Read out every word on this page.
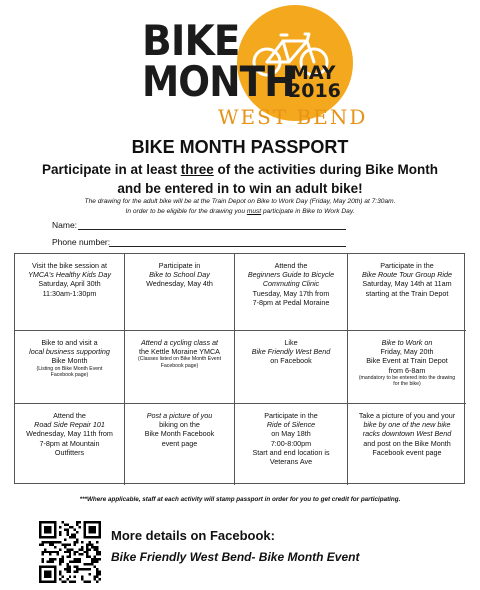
BIKE
MONTH
MAY
2016
WEST BEND
BIKE MONTH PASSPORT
Participate in at least three of the activities during Bike Month
and be entered in to win an adult bike!
The drawing for the adult bike will be at the Train Depot on Bike to Work Day (Friday, May 20th) at 7:30am.
In order to be eligible for the drawing you must participate in Bike to Work Day.
Name:
Phone number:
Visit the bike session at
YMCA's Healthy Kids Day
Saturday, April 30th
11:30am-1:30pm
Participate in
Bike to School Day
Wednesday, May 4th
Attend the
Beginners Guide to Bicycle
Commuting Clinic
Tuesday, May 17th from
7-8pm at Pedal Moraine
Participate in the
Bike Route Tour Group Ride
Saturday, May 14th at 11am
starting at the Train Depot
Bike to and visit a
local business supporting
Bike Month
(Listing on Bike Month Event
Facebook page)
Attend a cycling class at
the Kettle Moraine YMCA
(Classes listed on Bike Month Event
Facebook page)
Like
Bike Friendly West Bend
on Facebook
Bike to Work on
Friday, May 20th
Bike Event at Train Depot
from 6-8am
(mandatory to be entered into the drawing
for the bike)
Attend the
Road Side Repair 101
Wednesday, May 11th from
7-8pm at Mountain
Outfitters
Post a picture of you
biking on the
Bike Month Facebook
event page
Participate in the
Ride of Silence
on May 18th
7:00-8:00pm
Start and end location is
Veterans Ave
Take a picture of you and your
bike by one of the new bike
racks downtown West Bend
and post on the Bike Month
Facebook event page
***Where applicable, staff at each activity will stamp passport in order for you to get credit for participating.
More details on Facebook:
Bike Friendly West Bend- Bike Month Event
